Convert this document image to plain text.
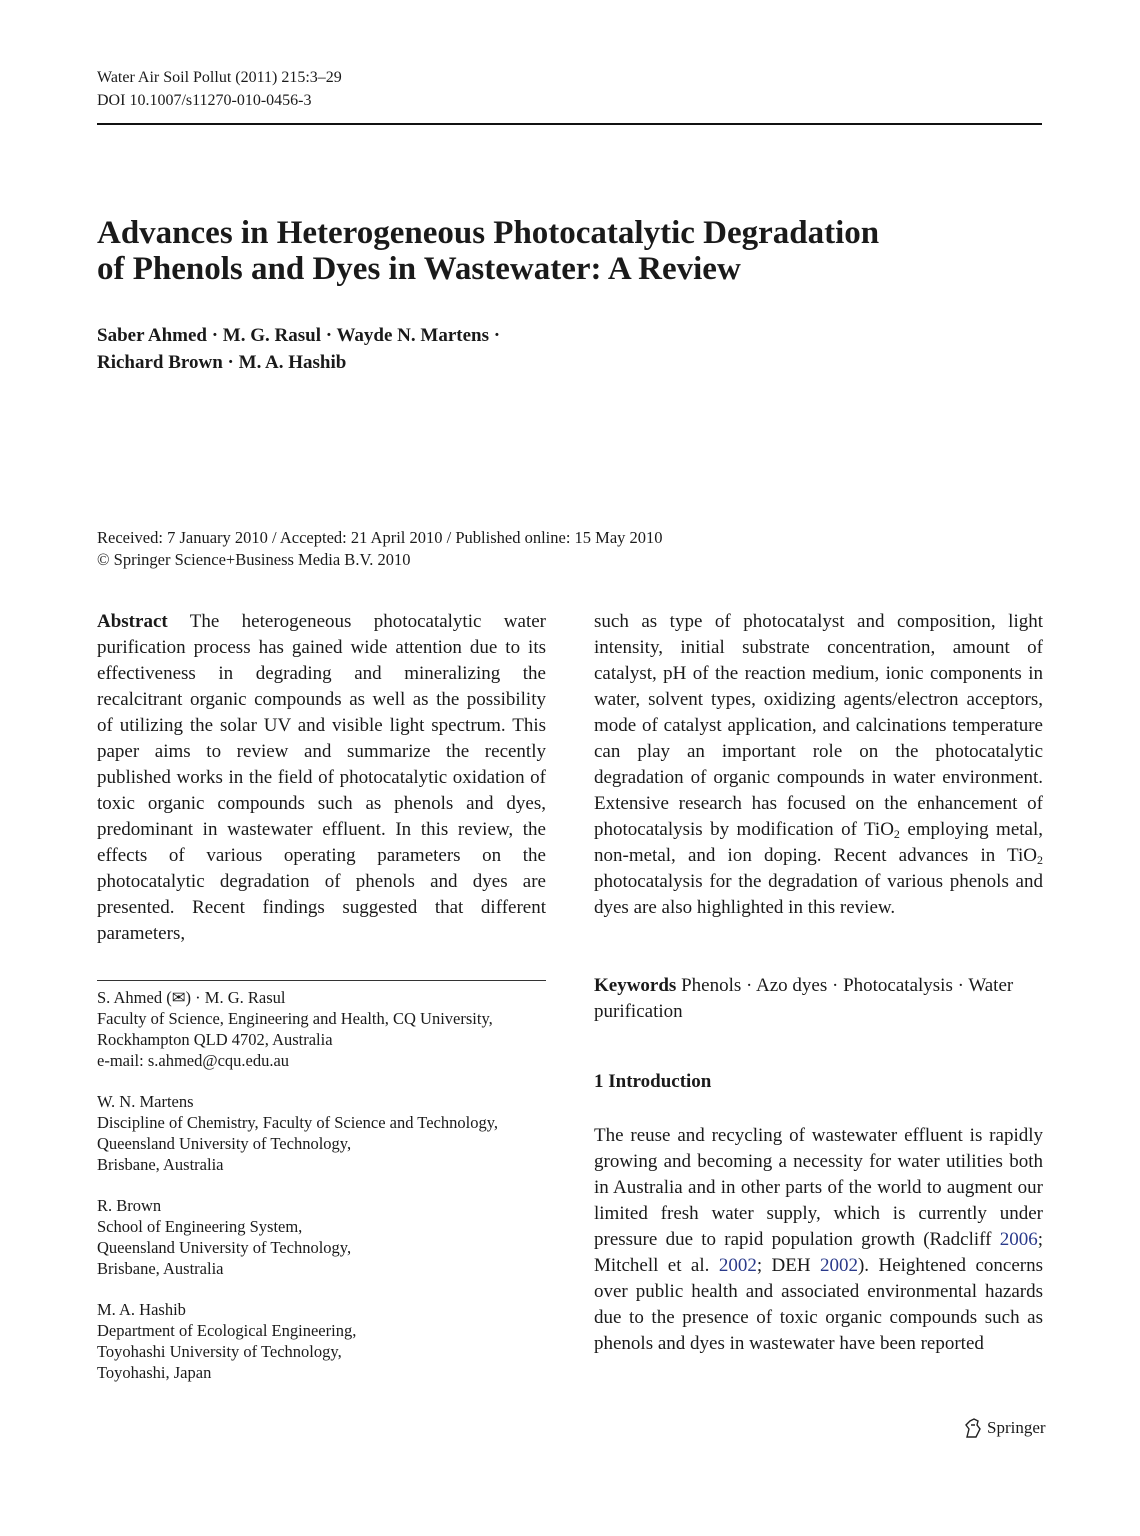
Water Air Soil Pollut (2011) 215:3–29
DOI 10.1007/s11270-010-0456-3
Advances in Heterogeneous Photocatalytic Degradation
of Phenols and Dyes in Wastewater: A Review
Saber Ahmed · M. G. Rasul · Wayde N. Martens ·
Richard Brown · M. A. Hashib
Received: 7 January 2010 / Accepted: 21 April 2010 / Published online: 15 May 2010
© Springer Science+Business Media B.V. 2010

Abstract The heterogeneous photocatalytic water purification process has gained wide attention due to its effectiveness in degrading and mineralizing the recalcitrant organic compounds as well as the possibility of utilizing the solar UV and visible light spectrum. This paper aims to review and summarize the recently published works in the field of photocatalytic oxidation of toxic organic compounds such as phenols and dyes, predominant in wastewater effluent. In this review, the effects of various operating parameters on the photocatalytic degradation of phenols and dyes are presented. Recent findings suggested that different parameters,

S. Ahmed (✉) · M. G. Rasul
Faculty of Science, Engineering and Health, CQ University,
Rockhampton QLD 4702, Australia
e-mail: s.ahmed@cqu.edu.au
W. N. Martens
Discipline of Chemistry, Faculty of Science and Technology,
Queensland University of Technology,
Brisbane, Australia
R. Brown
School of Engineering System,
Queensland University of Technology,
Brisbane, Australia
M. A. Hashib
Department of Ecological Engineering,
Toyohashi University of Technology,
Toyohashi, Japan

such as type of photocatalyst and composition, light intensity, initial substrate concentration, amount of catalyst, pH of the reaction medium, ionic components in water, solvent types, oxidizing agents/electron acceptors, mode of catalyst application, and calcinations temperature can play an important role on the photocatalytic degradation of organic compounds in water environment. Extensive research has focused on the enhancement of photocatalysis by modification of TiO$_2$ employing metal, non-metal, and ion doping. Recent advances in TiO$_2$ photocatalysis for the degradation of various phenols and dyes are also highlighted in this review.

Keywords Phenols · Azo dyes · Photocatalysis · Water purification
1 Introduction

The reuse and recycling of wastewater effluent is rapidly growing and becoming a necessity for water utilities both in Australia and in other parts of the world to augment our limited fresh water supply, which is currently under pressure due to rapid population growth (Radcliff 2006; Mitchell et al. 2002; DEH 2002). Heightened concerns over public health and associated environmental hazards due to the presence of toxic organic compounds such as phenols and dyes in wastewater have been reported

Springer
